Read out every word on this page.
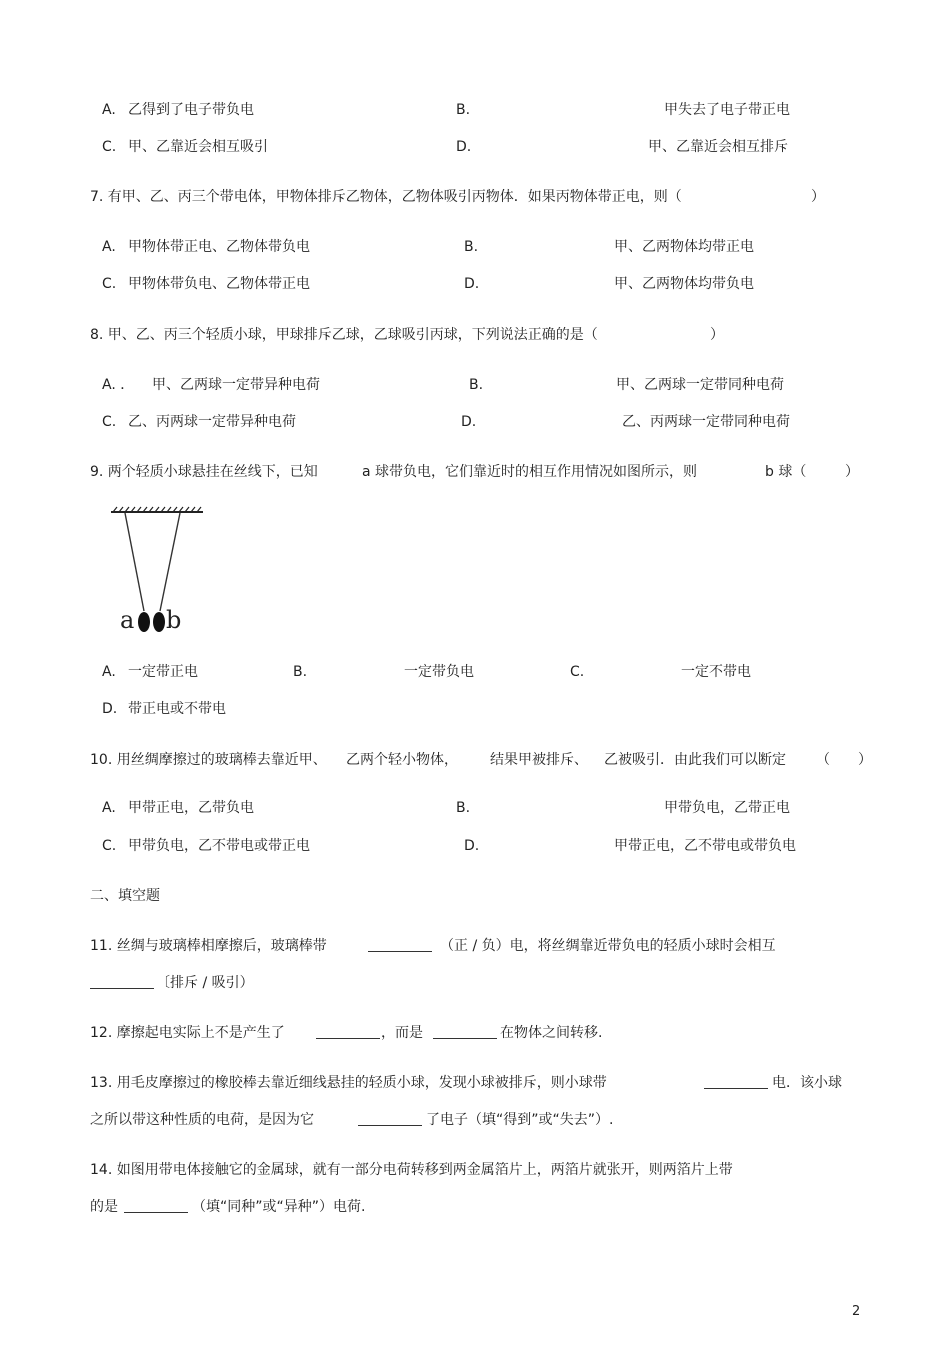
A. 乙得到了电子带负电	B.	甲失去了电子带正电
C. 甲、乙靠近会相互吸引	D.	甲、乙靠近会相互排斥
7. 有甲、乙、丙三个带电体，甲物体排斥乙物体，乙物体吸引丙物体．如果丙物体带正电，则（	）
A. 甲物体带正电、乙物体带负电	B.	甲、乙两物体均带正电
C. 甲物体带负电、乙物体带正电	D.	甲、乙两物体均带负电
8. 甲、乙、丙三个轻质小球，甲球排斥乙球，乙球吸引丙球，下列说法正确的是（	）
A. ． 甲、乙两球一定带异种电荷	B.	甲、乙两球一定带同种电荷
C. 乙、丙两球一定带异种电荷	D.	乙、丙两球一定带同种电荷
9. 两个轻质小球悬挂在丝线下，已知	a 球带负电，它们靠近时的相互作用情况如图所示，则	b 球（	）
a b
A. 一定带正电	B.	一定带负电	C.	一定不带电
D. 带正电或不带电
10. 用丝绸摩擦过的玻璃棒去靠近甲、 乙两个轻小物体， 结果甲被排斥、 乙被吸引．由此我们可以断定 （　　）
A. 甲带正电，乙带负电	B.	甲带负电，乙带正电
C. 甲带负电，乙不带电或带正电	D.	甲带正电，乙不带电或带负电
二、填空题
11. 丝绸与玻璃棒相摩擦后，玻璃棒带	（正 / 负）电，将丝绸靠近带负电的轻质小球时会相互
〔排斥 / 吸引）
12. 摩擦起电实际上不是产生了	，而是	在物体之间转移.
13. 用毛皮摩擦过的橡胶棒去靠近细线悬挂的轻质小球，发现小球被排斥，则小球带	电．该小球
之所以带这种性质的电荷，是因为它	了电子（填“得到”或“失去”）.
14. 如图用带电体接触它的金属球，就有一部分电荷转移到两金属箔片上，两箔片就张开，则两箔片上带
的是	（填“同种”或“异种”）电荷.
2
